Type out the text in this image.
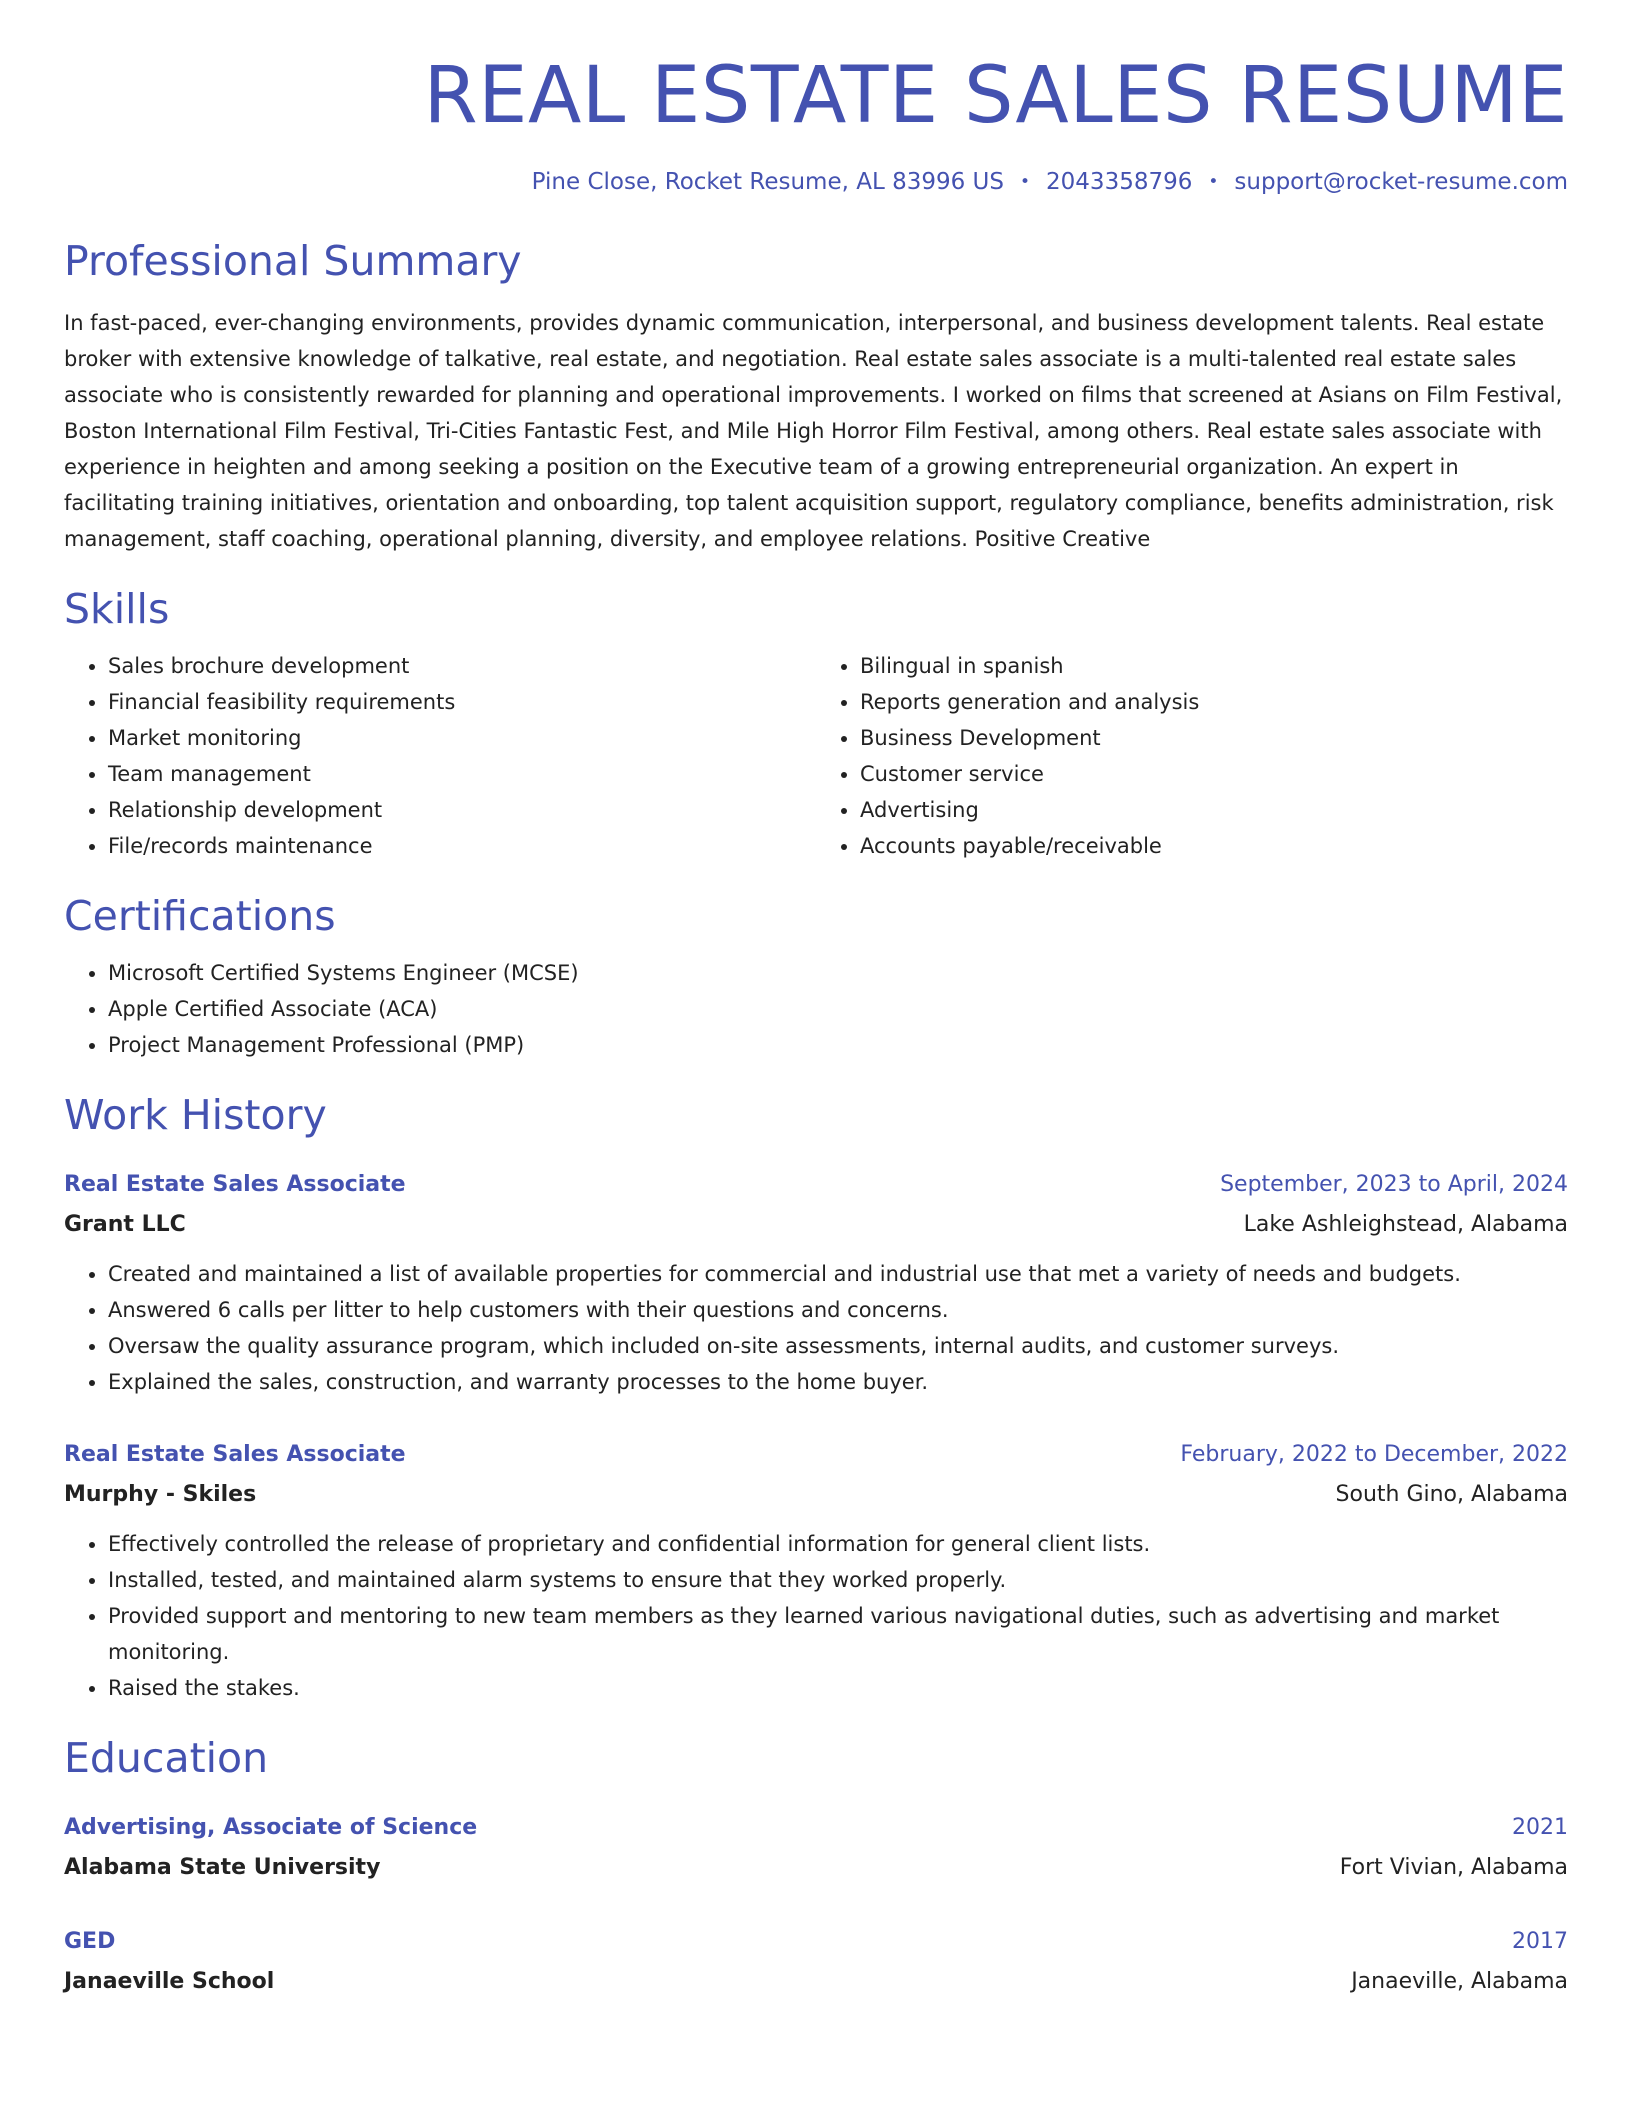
REAL ESTATE SALES RESUME
Pine Close, Rocket Resume, AL 83996 US • 2043358796 • support@rocket-resume.com
Professional Summary

In fast-paced, ever-changing environments, provides dynamic communication, interpersonal, and business development talents. Real estate broker with extensive knowledge of talkative, real estate, and negotiation. Real estate sales associate is a multi-talented real estate sales associate who is consistently rewarded for planning and operational improvements. I worked on films that screened at Asians on Film Festival, Boston International Film Festival, Tri-Cities Fantastic Fest, and Mile High Horror Film Festival, among others. Real estate sales associate with experience in heighten and among seeking a position on the Executive team of a growing entrepreneurial organization. An expert in facilitating training initiatives, orientation and onboarding, top talent acquisition support, regulatory compliance, benefits administration, risk management, staff coaching, operational planning, diversity, and employee relations. Positive Creative

Skills
• Sales brochure development
• Financial feasibility requirements
• Market monitoring
• Team management
• Relationship development
• File/records maintenance
• Bilingual in spanish
• Reports generation and analysis
• Business Development
• Customer service
• Advertising
• Accounts payable/receivable
Certifications
• Microsoft Certified Systems Engineer (MCSE)
• Apple Certified Associate (ACA)
• Project Management Professional (PMP)
Work History
Real Estate Sales Associate	September, 2023 to April, 2024
Grant LLC	Lake Ashleighstead, Alabama
• Created and maintained a list of available properties for commercial and industrial use that met a variety of needs and budgets.
• Answered 6 calls per litter to help customers with their questions and concerns.
• Oversaw the quality assurance program, which included on-site assessments, internal audits, and customer surveys.
• Explained the sales, construction, and warranty processes to the home buyer.
Real Estate Sales Associate	February, 2022 to December, 2022
Murphy - Skiles	South Gino, Alabama
• Effectively controlled the release of proprietary and confidential information for general client lists.
• Installed, tested, and maintained alarm systems to ensure that they worked properly.
• Provided support and mentoring to new team members as they learned various navigational duties, such as advertising and market monitoring.
• Raised the stakes.
Education
Advertising, Associate of Science	2021
Alabama State University	Fort Vivian, Alabama
GED	2017
Janaeville School	Janaeville, Alabama
